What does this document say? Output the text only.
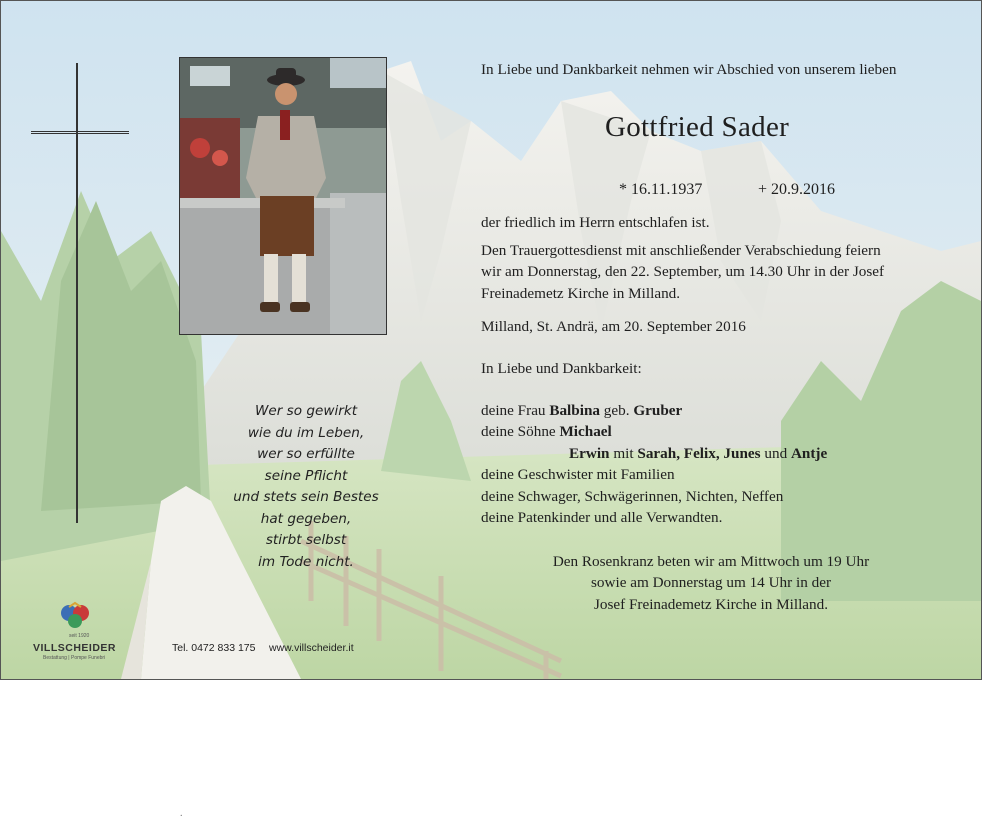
In Liebe und Dankbarkeit nehmen wir Abschied von unserem lieben
Gottfried Sader
* 16.11.1937	+ 20.9.2016
der friedlich im Herrn entschlafen ist.
Den Trauergottesdienst mit anschließender Verabschiedung feiern
wir am Donnerstag, den 22. September, um 14.30 Uhr in der Josef
Freinademetz Kirche in Milland.
Milland, St. Andrä, am 20. September 2016
In Liebe und Dankbarkeit:
deine Frau Balbina geb. Gruber
deine Söhne Michael
Erwin mit Sarah, Felix, Junes und Antje
deine Geschwister mit Familien
deine Schwager, Schwägerinnen, Nichten, Neffen
deine Patenkinder und alle Verwandten.
Den Rosenkranz beten wir am Mittwoch um 19 Uhr
sowie am Donnerstag um 14 Uhr in der
Josef Freinademetz Kirche in Milland.
Wer so gewirkt
wie du im Leben,
wer so erfüllte
seine Pflicht
und stets sein Bestes
hat gegeben,
stirbt selbst
im Tode nicht.
seit 1920
VILLSCHEIDER
Bestattung | Pompe Funebri
Tel. 0472 833 175 www.villscheider.it
.
